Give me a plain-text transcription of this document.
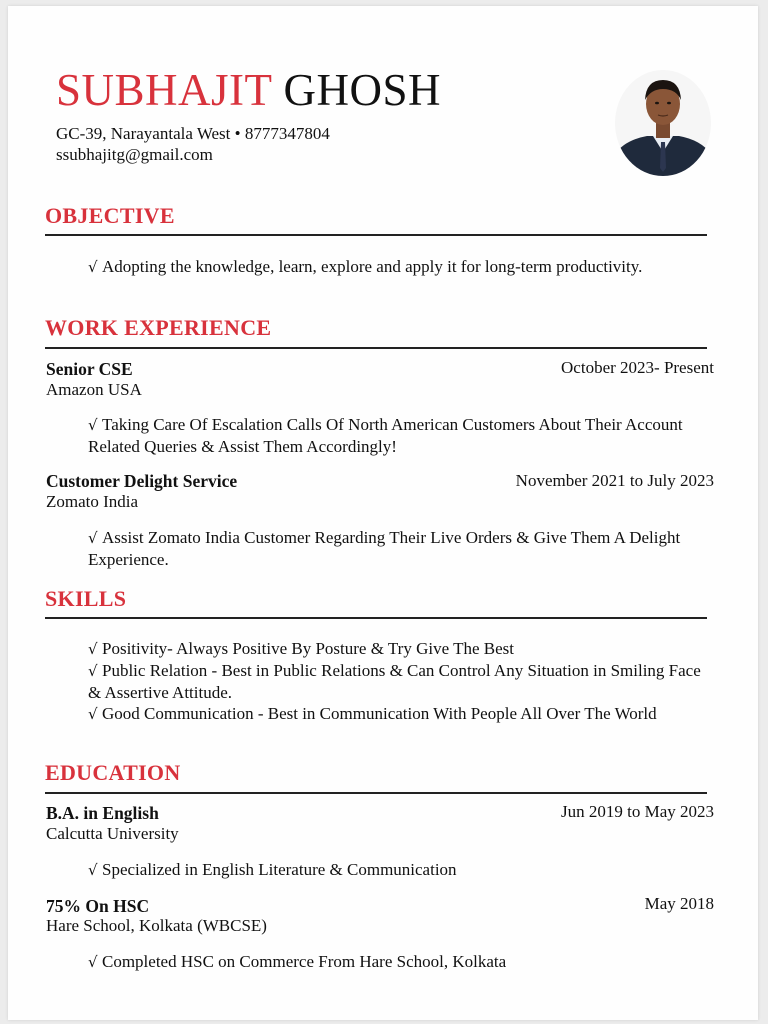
SUBHAJIT GHOSH
GC-39, Narayantala West • 8777347804
ssubhajitg@gmail.com
OBJECTIVE

√ Adopting the knowledge, learn, explore and apply it for long-term productivity.

WORK EXPERIENCE
Senior CSE	October 2023- Present
Amazon USA

√ Taking Care Of Escalation Calls Of North American Customers About Their Account Related Queries & Assist Them Accordingly!

Customer Delight Service	November 2021 to July 2023
Zomato India

√ Assist Zomato India Customer Regarding Their Live Orders & Give Them A Delight Experience.

SKILLS

√ Positivity- Always Positive By Posture & Try Give The Best

√ Public Relation - Best in Public Relations & Can Control Any Situation in Smiling Face & Assertive Attitude.

√ Good Communication - Best in Communication With People All Over The World

EDUCATION
B.A. in English	Jun 2019 to May 2023
Calcutta University

√ Specialized in English Literature & Communication

75% On HSC	May 2018
Hare School, Kolkata (WBCSE)

√ Completed HSC on Commerce From Hare School, Kolkata
